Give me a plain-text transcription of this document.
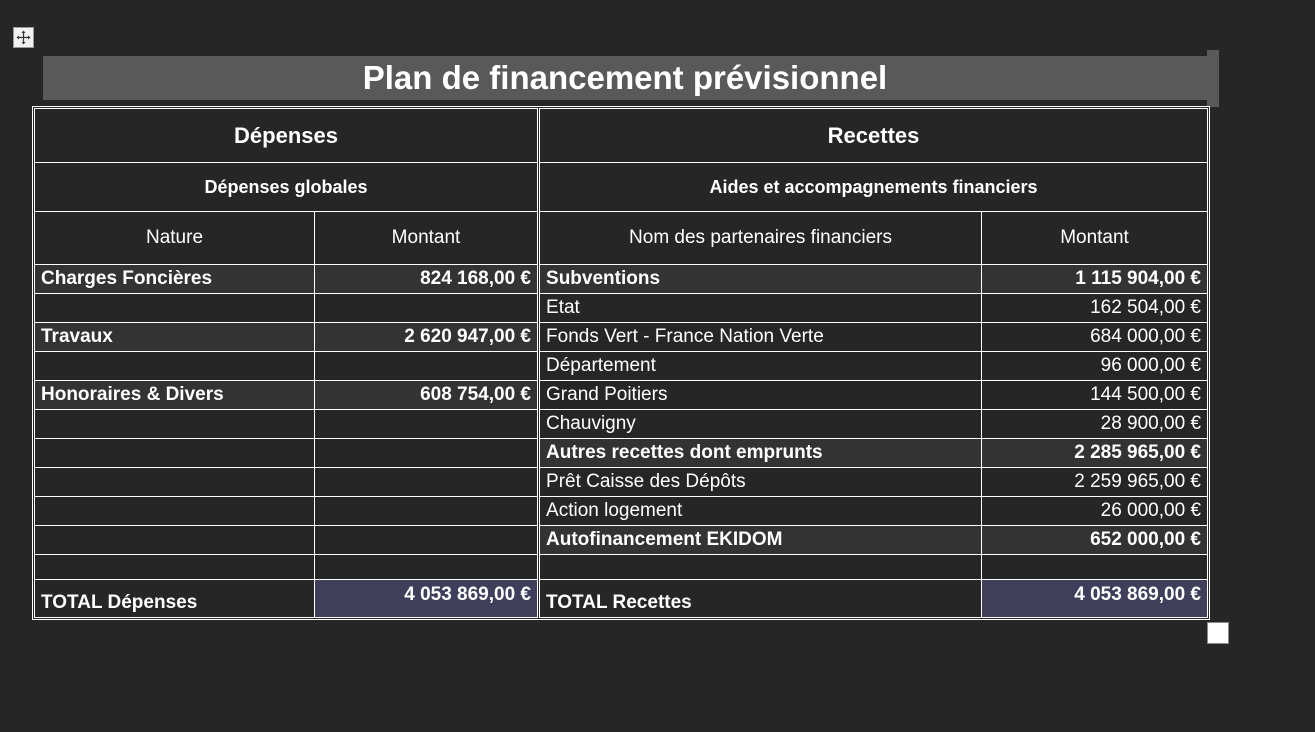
Plan de financement prévisionnel
Dépenses		Recettes	
Dépenses globales		Aides et accompagnements financiers	
Nature	Montant	Nom des partenaires financiers	Montant
Charges Foncières	824 168,00 €	Subventions	1 115 904,00 €
		Etat	162 504,00 €
Travaux	2 620 947,00 €	Fonds Vert - France Nation Verte	684 000,00 €
		Département	96 000,00 €
Honoraires & Divers	608 754,00 €	Grand Poitiers	144 500,00 €
		Chauvigny	28 900,00 €
		Autres recettes dont emprunts	2 285 965,00 €
		Prêt Caisse des Dépôts	2 259 965,00 €
		Action logement	26 000,00 €
		Autofinancement EKIDOM	652 000,00 €

TOTAL Dépenses	4 053 869,00 €	TOTAL Recettes	4 053 869,00 €
